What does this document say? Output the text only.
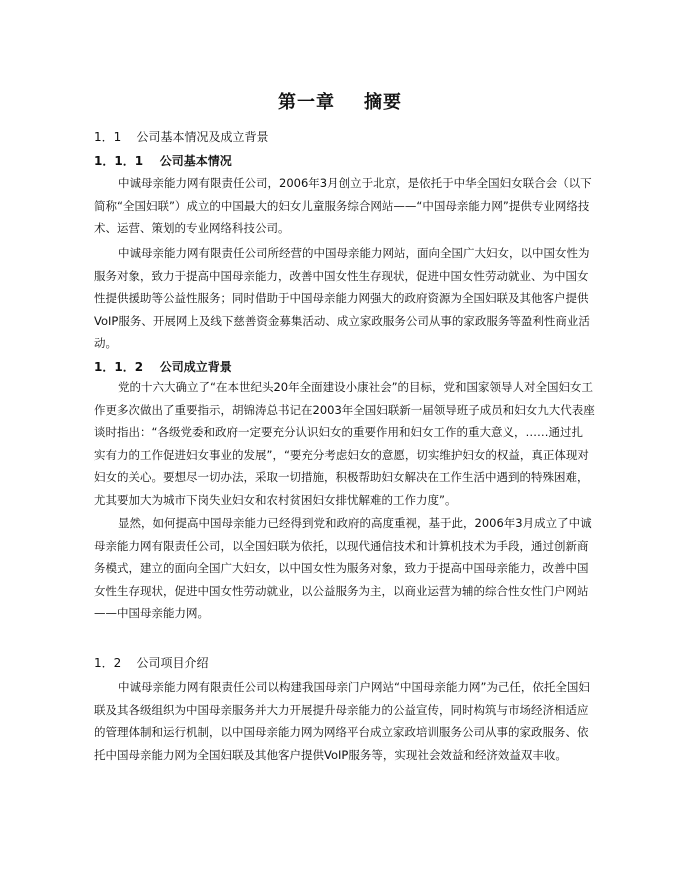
第一章    摘要
1．1    公司基本情况及成立背景
1．1．1    公司基本情况
中诚母亲能力网有限责任公司，2006年3月创立于北京，是依托于中华全国妇女联合会（以下
简称“全国妇联”）成立的中国最大的妇女儿童服务综合网站——“中国母亲能力网”提供专业网络技
术、运营、策划的专业网络科技公司。
中诚母亲能力网有限责任公司所经营的中国母亲能力网站，面向全国广大妇女，以中国女性为
服务对象，致力于提高中国母亲能力，改善中国女性生存现状，促进中国女性劳动就业、为中国女
性提供援助等公益性服务；同时借助于中国母亲能力网强大的政府资源为全国妇联及其他客户提供
VoIP服务、开展网上及线下慈善资金募集活动、成立家政服务公司从事的家政服务等盈利性商业活
动。
1．1．2    公司成立背景
党的十六大确立了“在本世纪头20年全面建设小康社会”的目标，党和国家领导人对全国妇女工
作更多次做出了重要指示，胡锦涛总书记在2003年全国妇联新一届领导班子成员和妇女九大代表座
谈时指出：“各级党委和政府一定要充分认识妇女的重要作用和妇女工作的重大意义，……通过扎
实有力的工作促进妇女事业的发展”，“要充分考虑妇女的意愿，切实维护妇女的权益，真正体现对
妇女的关心。要想尽一切办法，采取一切措施，积极帮助妇女解决在工作生活中遇到的特殊困难，
尤其要加大为城市下岗失业妇女和农村贫困妇女排忧解难的工作力度”。
显然，如何提高中国母亲能力已经得到党和政府的高度重视，基于此，2006年3月成立了中诚
母亲能力网有限责任公司，以全国妇联为依托，以现代通信技术和计算机技术为手段，通过创新商
务模式，建立的面向全国广大妇女，以中国女性为服务对象，致力于提高中国母亲能力，改善中国
女性生存现状，促进中国女性劳动就业，以公益服务为主，以商业运营为辅的综合性女性门户网站
——中国母亲能力网。
1．2    公司项目介绍
中诚母亲能力网有限责任公司以构建我国母亲门户网站“中国母亲能力网”为己任，依托全国妇
联及其各级组织为中国母亲服务并大力开展提升母亲能力的公益宣传，同时构筑与市场经济相适应
的管理体制和运行机制，以中国母亲能力网为网络平台成立家政培训服务公司从事的家政服务、依
托中国母亲能力网为全国妇联及其他客户提供VoIP服务等，实现社会效益和经济效益双丰收。
